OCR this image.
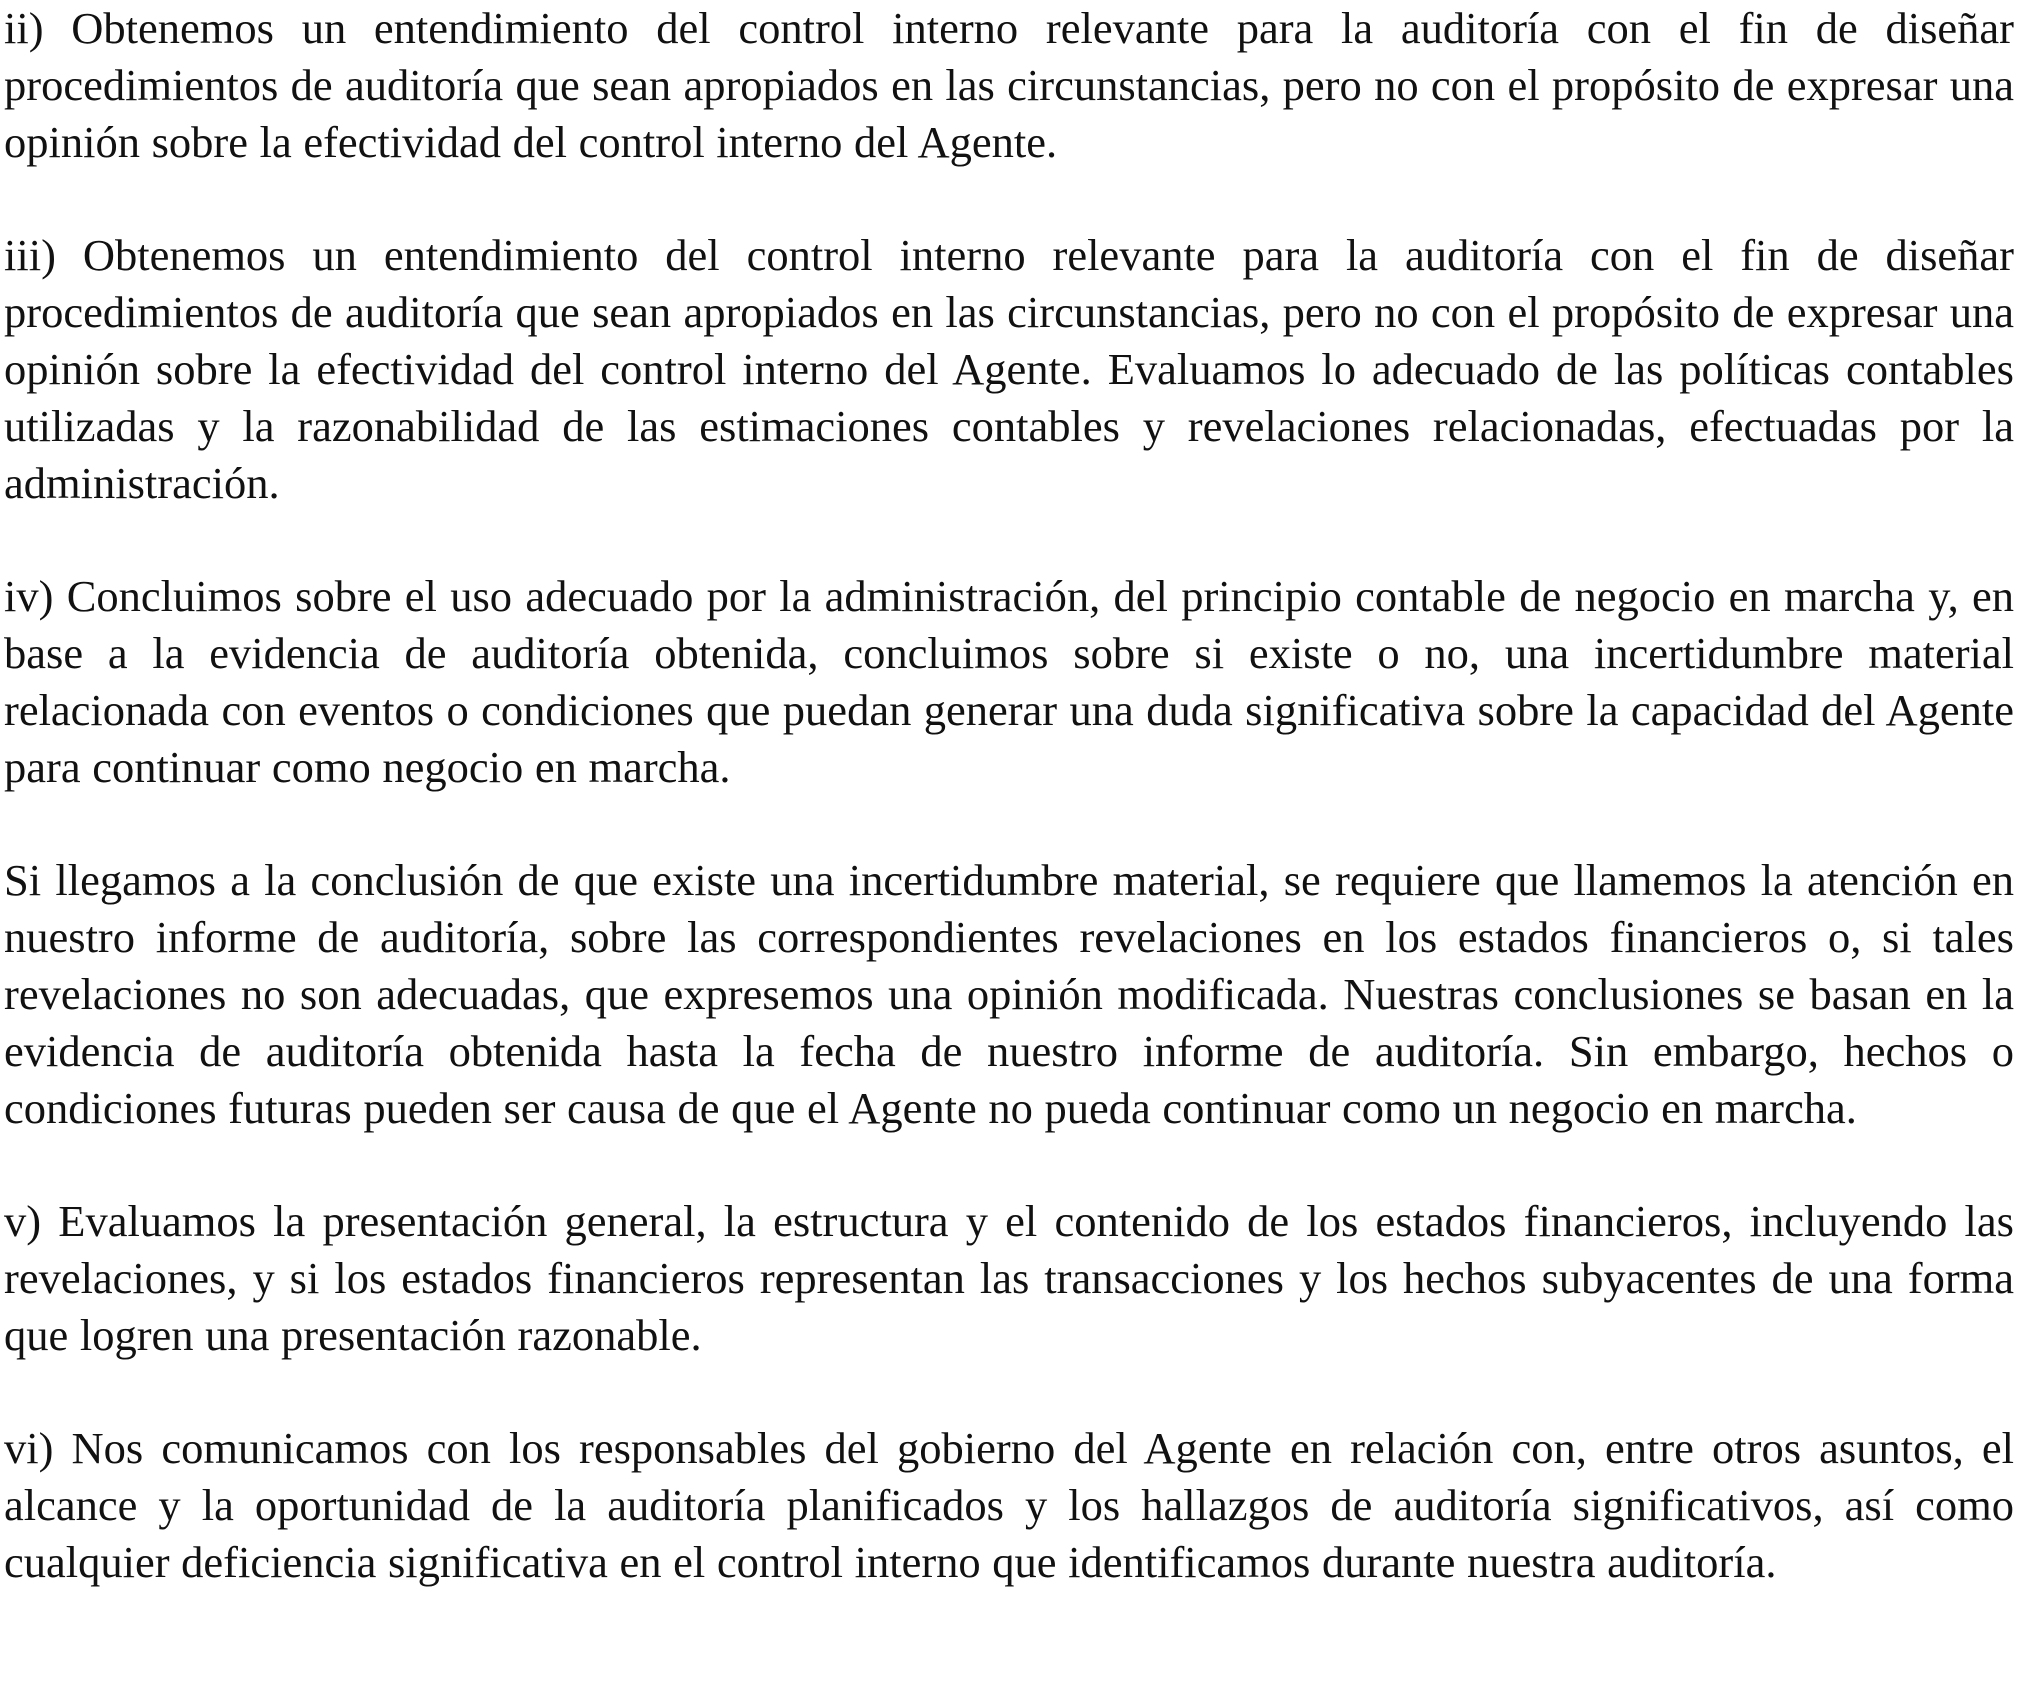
ii) Obtenemos un entendimiento del control interno relevante para la auditoría con el fin de diseñar procedimientos de auditoría que sean apropiados en las circunstancias, pero no con el propósito de expresar una opinión sobre la efectividad del control interno del Agente.

iii) Obtenemos un entendimiento del control interno relevante para la auditoría con el fin de diseñar procedimientos de auditoría que sean apropiados en las circunstancias, pero no con el propósito de expresar una opinión sobre la efectividad del control interno del Agente. Evaluamos lo adecuado de las políticas contables utilizadas y la razonabilidad de las estimaciones contables y revelaciones relacionadas, efectuadas por la administración.

iv) Concluimos sobre el uso adecuado por la administración, del principio contable de negocio en marcha y, en base a la evidencia de auditoría obtenida, concluimos sobre si existe o no, una incertidumbre material relacionada con eventos o condiciones que puedan generar una duda significativa sobre la capacidad del Agente para continuar como negocio en marcha.

Si llegamos a la conclusión de que existe una incertidumbre material, se requiere que llamemos la atención en nuestro informe de auditoría, sobre las correspondientes revelaciones en los estados financieros o, si tales revelaciones no son adecuadas, que expresemos una opinión modificada. Nuestras conclusiones se basan en la evidencia de auditoría obtenida hasta la fecha de nuestro informe de auditoría. Sin embargo, hechos o condiciones futuras pueden ser causa de que el Agente no pueda continuar como un negocio en marcha.

v) Evaluamos la presentación general, la estructura y el contenido de los estados financieros, incluyendo las revelaciones, y si los estados financieros representan las transacciones y los hechos subyacentes de una forma que logren una presentación razonable.

vi) Nos comunicamos con los responsables del gobierno del Agente en relación con, entre otros asuntos, el alcance y la oportunidad de la auditoría planificados y los hallazgos de auditoría significativos, así como cualquier deficiencia significativa en el control interno que identificamos durante nuestra auditoría.
